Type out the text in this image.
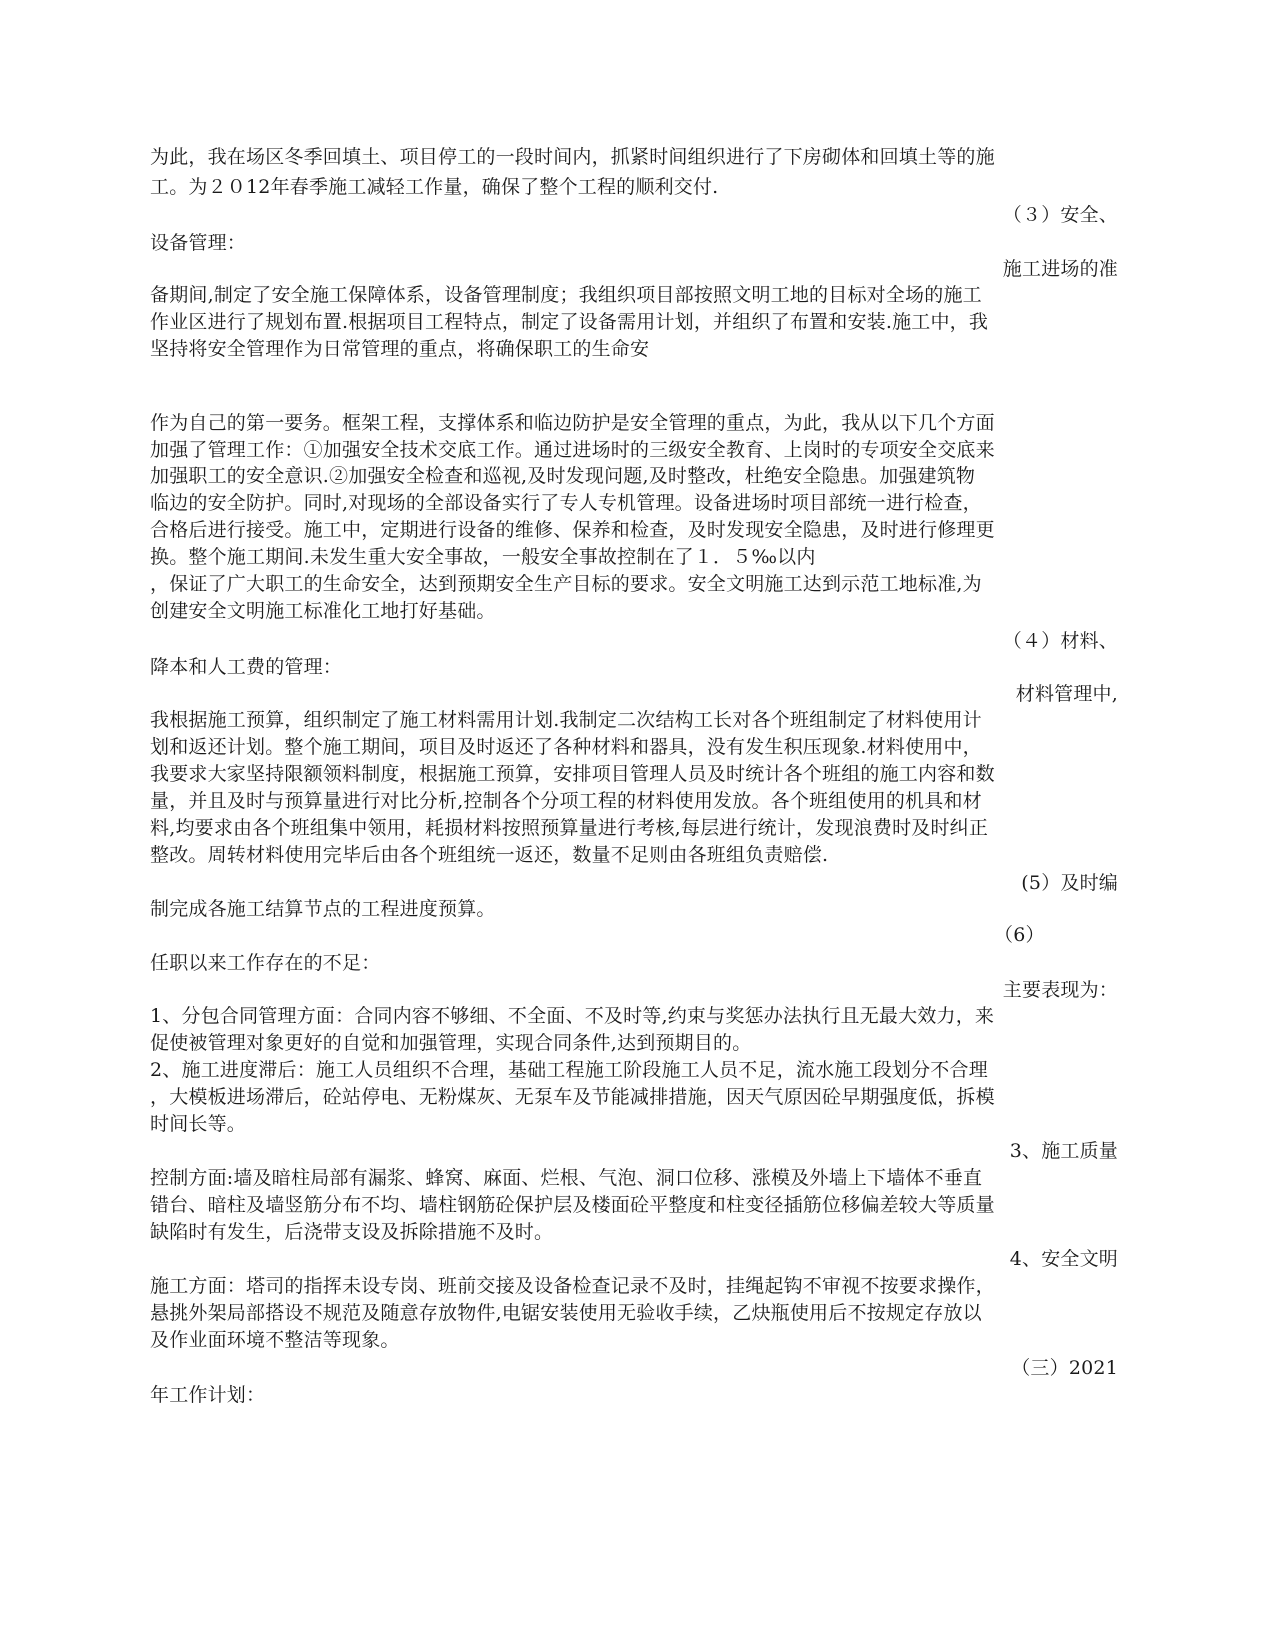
为此，我在场区冬季回填土、项目停工的一段时间内，抓紧时间组织进行了下房砌体和回填土等的施
工。为２０12年春季施工减轻工作量，确保了整个工程的顺利交付.
（３）安全、
设备管理：
施工进场的准
备期间,制定了安全施工保障体系，设备管理制度；我组织项目部按照文明工地的目标对全场的施工
作业区进行了规划布置.根据项目工程特点，制定了设备需用计划，并组织了布置和安装.施工中，我
坚持将安全管理作为日常管理的重点，将确保职工的生命安
作为自己的第一要务。框架工程，支撑体系和临边防护是安全管理的重点，为此，我从以下几个方面
加强了管理工作：①加强安全技术交底工作。通过进场时的三级安全教育、上岗时的专项安全交底来
加强职工的安全意识.②加强安全检查和巡视,及时发现问题,及时整改，杜绝安全隐患。加强建筑物
临边的安全防护。同时,对现场的全部设备实行了专人专机管理。设备进场时项目部统一进行检查，
合格后进行接受。施工中，定期进行设备的维修、保养和检查，及时发现安全隐患，及时进行修理更
换。整个施工期间.未发生重大安全事故，一般安全事故控制在了１．５‰以内
，保证了广大职工的生命安全，达到预期安全生产目标的要求。安全文明施工达到示范工地标准,为
创建安全文明施工标准化工地打好基础。
（４）材料、
降本和人工费的管理：
材料管理中,
我根据施工预算，组织制定了施工材料需用计划.我制定二次结构工长对各个班组制定了材料使用计
划和返还计划。整个施工期间，项目及时返还了各种材料和器具，没有发生积压现象.材料使用中，
我要求大家坚持限额领料制度，根据施工预算，安排项目管理人员及时统计各个班组的施工内容和数
量，并且及时与预算量进行对比分析,控制各个分项工程的材料使用发放。各个班组使用的机具和材
料,均要求由各个班组集中领用，耗损材料按照预算量进行考核,每层进行统计，发现浪费时及时纠正
整改。周转材料使用完毕后由各个班组统一返还，数量不足则由各班组负责赔偿.
(5）及时编
制完成各施工结算节点的工程进度预算。
（6）
任职以来工作存在的不足：
主要表现为：
1、分包合同管理方面：合同内容不够细、不全面、不及时等,约束与奖惩办法执行且无最大效力，来
促使被管理对象更好的自觉和加强管理，实现合同条件,达到预期目的。
2、施工进度滞后：施工人员组织不合理，基础工程施工阶段施工人员不足，流水施工段划分不合理
，大模板进场滞后，砼站停电、无粉煤灰、无泵车及节能减排措施，因天气原因砼早期强度低，拆模
时间长等。
3、施工质量
控制方面:墙及暗柱局部有漏浆、蜂窝、麻面、烂根、气泡、洞口位移、涨模及外墙上下墙体不垂直
错台、暗柱及墙竖筋分布不均、墙柱钢筋砼保护层及楼面砼平整度和柱变径插筋位移偏差较大等质量
缺陷时有发生，后浇带支设及拆除措施不及时。
4、安全文明
施工方面：塔司的指挥未设专岗、班前交接及设备检查记录不及时，挂绳起钩不审视不按要求操作，
悬挑外架局部搭设不规范及随意存放物件,电锯安装使用无验收手续，乙炔瓶使用后不按规定存放以
及作业面环境不整洁等现象。
（三）2021
年工作计划：
